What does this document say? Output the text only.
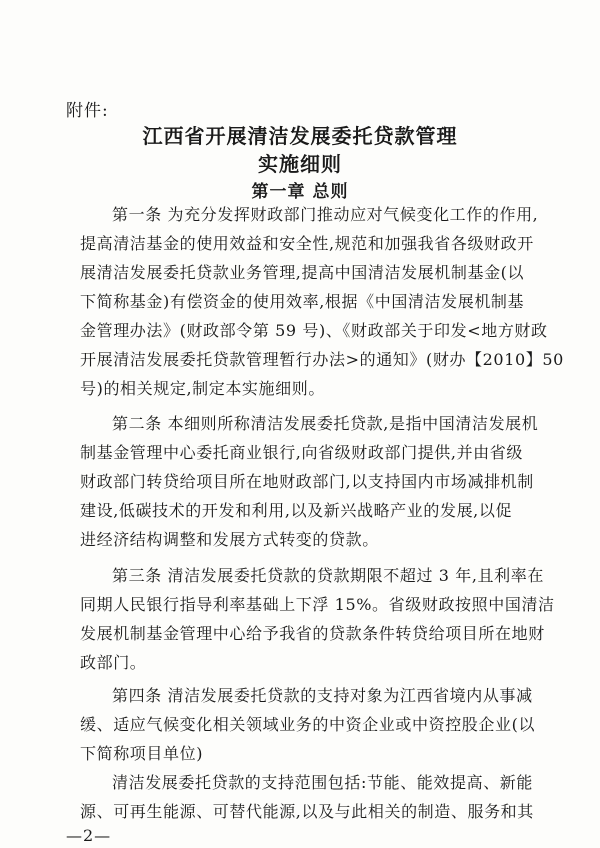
附件:
江西省开展清洁发展委托贷款管理
实施细则
第一章 总则
第一条 为充分发挥财政部门推动应对气候变化工作的作用,
提高清洁基金的使用效益和安全性,规范和加强我省各级财政开
展清洁发展委托贷款业务管理,提高中国清洁发展机制基金(以
下简称基金)有偿资金的使用效率,根据《中国清洁发展机制基
金管理办法》(财政部令第 59 号)、《财政部关于印发<地方财政
开展清洁发展委托贷款管理暂行办法>的通知》(财办【2010】50
号)的相关规定,制定本实施细则。
第二条 本细则所称清洁发展委托贷款,是指中国清洁发展机
制基金管理中心委托商业银行,向省级财政部门提供,并由省级
财政部门转贷给项目所在地财政部门,以支持国内市场减排机制
建设,低碳技术的开发和利用,以及新兴战略产业的发展,以促
进经济结构调整和发展方式转变的贷款。
第三条 清洁发展委托贷款的贷款期限不超过 3 年,且利率在
同期人民银行指导利率基础上下浮 15%。省级财政按照中国清洁
发展机制基金管理中心给予我省的贷款条件转贷给项目所在地财
政部门。
第四条 清洁发展委托贷款的支持对象为江西省境内从事减
缓、适应气候变化相关领域业务的中资企业或中资控股企业(以
下简称项目单位)
清洁发展委托贷款的支持范围包括:节能、能效提高、新能
源、可再生能源、可替代能源,以及与此相关的制造、服务和其
—2—
